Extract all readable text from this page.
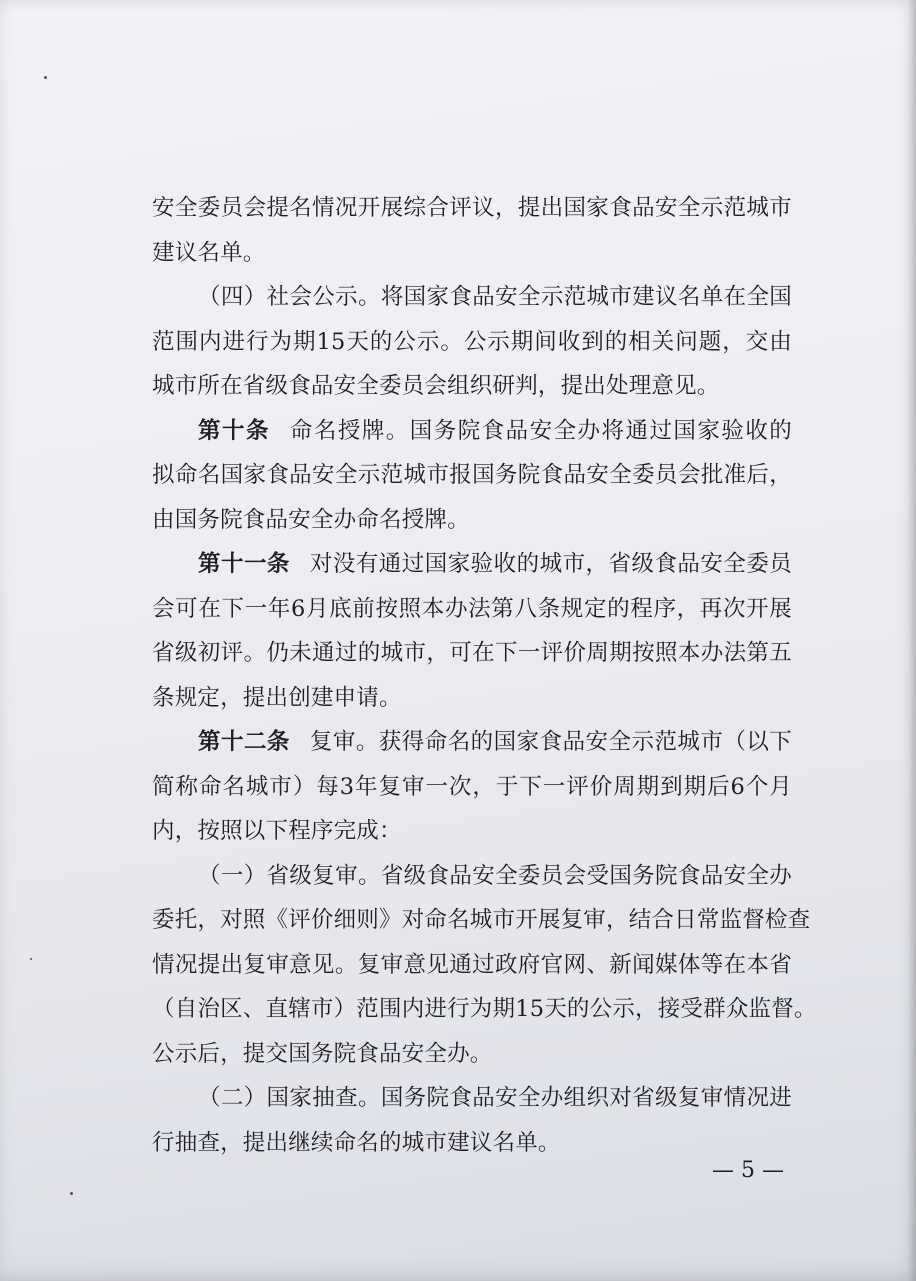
安全委员会提名情况开展综合评议，提出国家食品安全示范城市
建议名单。
（四）社会公示。将国家食品安全示范城市建议名单在全国
范围内进行为期15天的公示。公示期间收到的相关问题，交由
城市所在省级食品安全委员会组织研判，提出处理意见。
第十条 命名授牌。国务院食品安全办将通过国家验收的
拟命名国家食品安全示范城市报国务院食品安全委员会批准后，
由国务院食品安全办命名授牌。
第十一条 对没有通过国家验收的城市，省级食品安全委员
会可在下一年6月底前按照本办法第八条规定的程序，再次开展
省级初评。仍未通过的城市，可在下一评价周期按照本办法第五
条规定，提出创建申请。
第十二条 复审。获得命名的国家食品安全示范城市（以下
简称命名城市）每3年复审一次，于下一评价周期到期后6个月
内，按照以下程序完成：
（一）省级复审。省级食品安全委员会受国务院食品安全办
委托，对照《评价细则》对命名城市开展复审，结合日常监督检查
情况提出复审意见。复审意见通过政府官网、新闻媒体等在本省
（自治区、直辖市）范围内进行为期15天的公示，接受群众监督。
公示后，提交国务院食品安全办。
（二）国家抽查。国务院食品安全办组织对省级复审情况进
行抽查，提出继续命名的城市建议名单。
— 5 —
